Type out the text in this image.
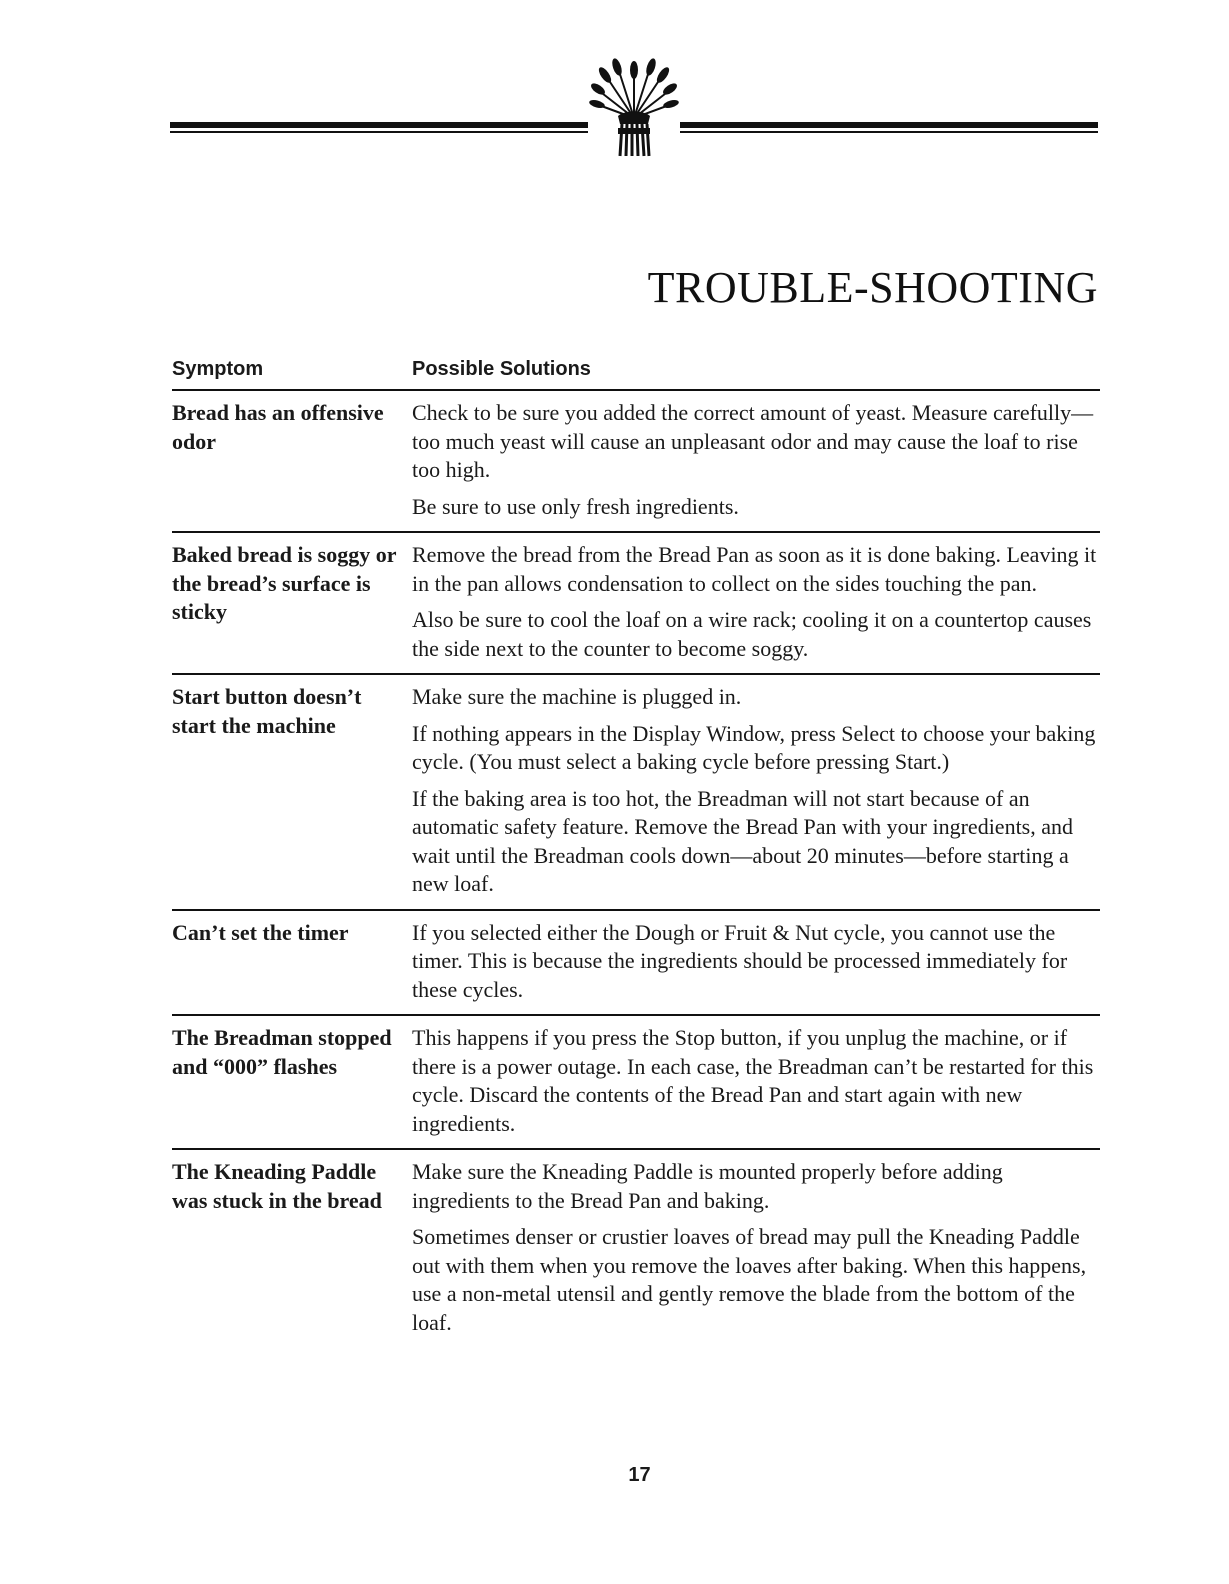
TROUBLE-SHOOTING
Symptom	Possible Solutions
Bread has an offensive odor

Check to be sure you added the correct amount of yeast. Measure carefully—too much yeast will cause an unpleasant odor and may cause the loaf to rise too high.

Be sure to use only fresh ingredients.

Baked bread is soggy or the bread’s surface is sticky

Remove the bread from the Bread Pan as soon as it is done baking. Leaving it in the pan allows condensation to collect on the sides touching the pan.

Also be sure to cool the loaf on a wire rack; cooling it on a countertop causes the side next to the counter to become soggy.

Start button doesn’t start the machine

Make sure the machine is plugged in.

If nothing appears in the Display Window, press Select to choose your baking cycle. (You must select a baking cycle before pressing Start.)

If the baking area is too hot, the Breadman will not start because of an automatic safety feature. Remove the Bread Pan with your ingredients, and wait until the Breadman cools down—about 20 minutes—before starting a new loaf.

Can’t set the timer	If you selected either the Dough or Fruit & Nut cycle, you cannot use the timer. This is because the ingredients should be processed immediately for these cycles.

The Breadman stopped and “000” flashes

This happens if you press the Stop button, if you unplug the machine, or if there is a power outage. In each case, the Breadman can’t be restarted for this cycle. Discard the contents of the Bread Pan and start again with new ingredients.

The Kneading Paddle was stuck in the bread

Make sure the Kneading Paddle is mounted properly before adding ingredients to the Bread Pan and baking.

Sometimes denser or crustier loaves of bread may pull the Kneading Paddle out with them when you remove the loaves after baking. When this happens, use a non-metal utensil and gently remove the blade from the bottom of the loaf.

17
